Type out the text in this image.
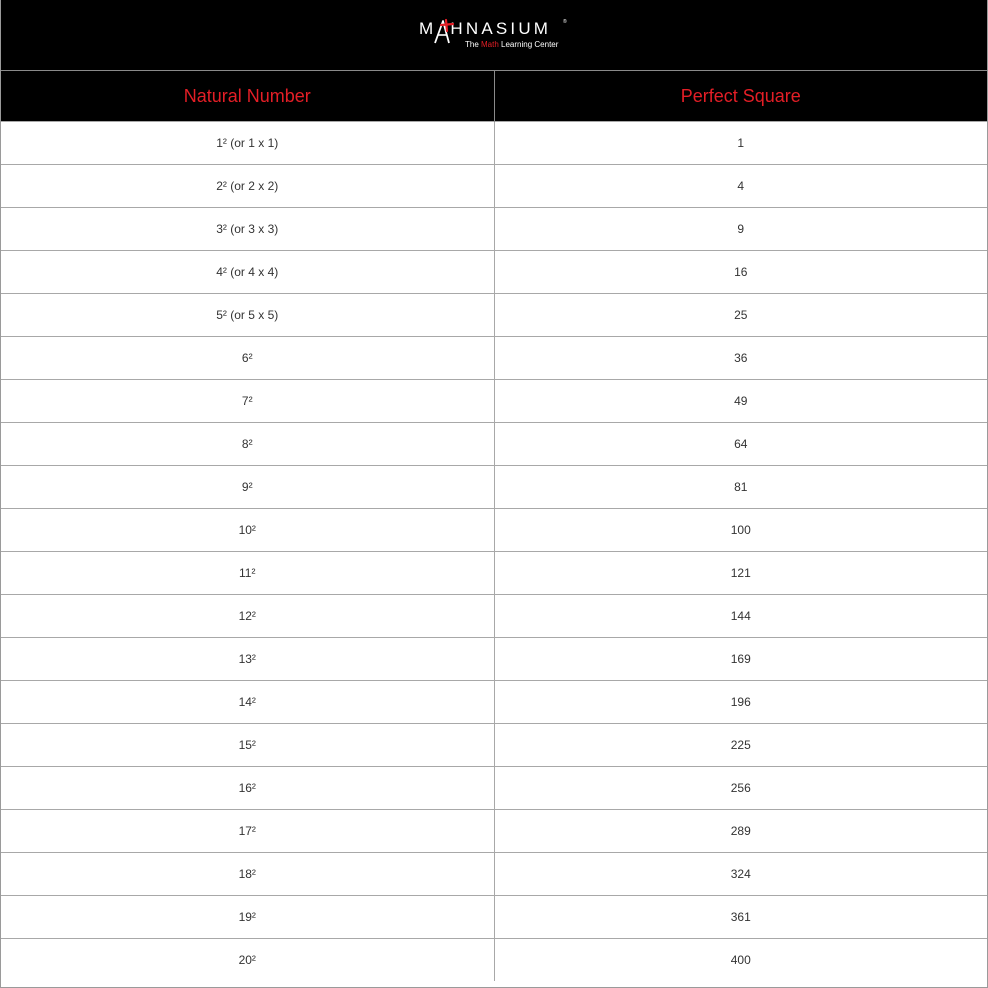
M HNASIUM ®
The Math Learning Center
Natural Number	Perfect Square
1² (or 1 x 1)	1
2² (or 2 x 2)	4
3² (or 3 x 3)	9
4² (or 4 x 4)	16
5² (or 5 x 5)	25
6²	36
7²	49
8²	64
9²	81
10²	100
11²	121
12²	144
13²	169
14²	196
15²	225
16²	256
17²	289
18²	324
19²	361
20²	400
